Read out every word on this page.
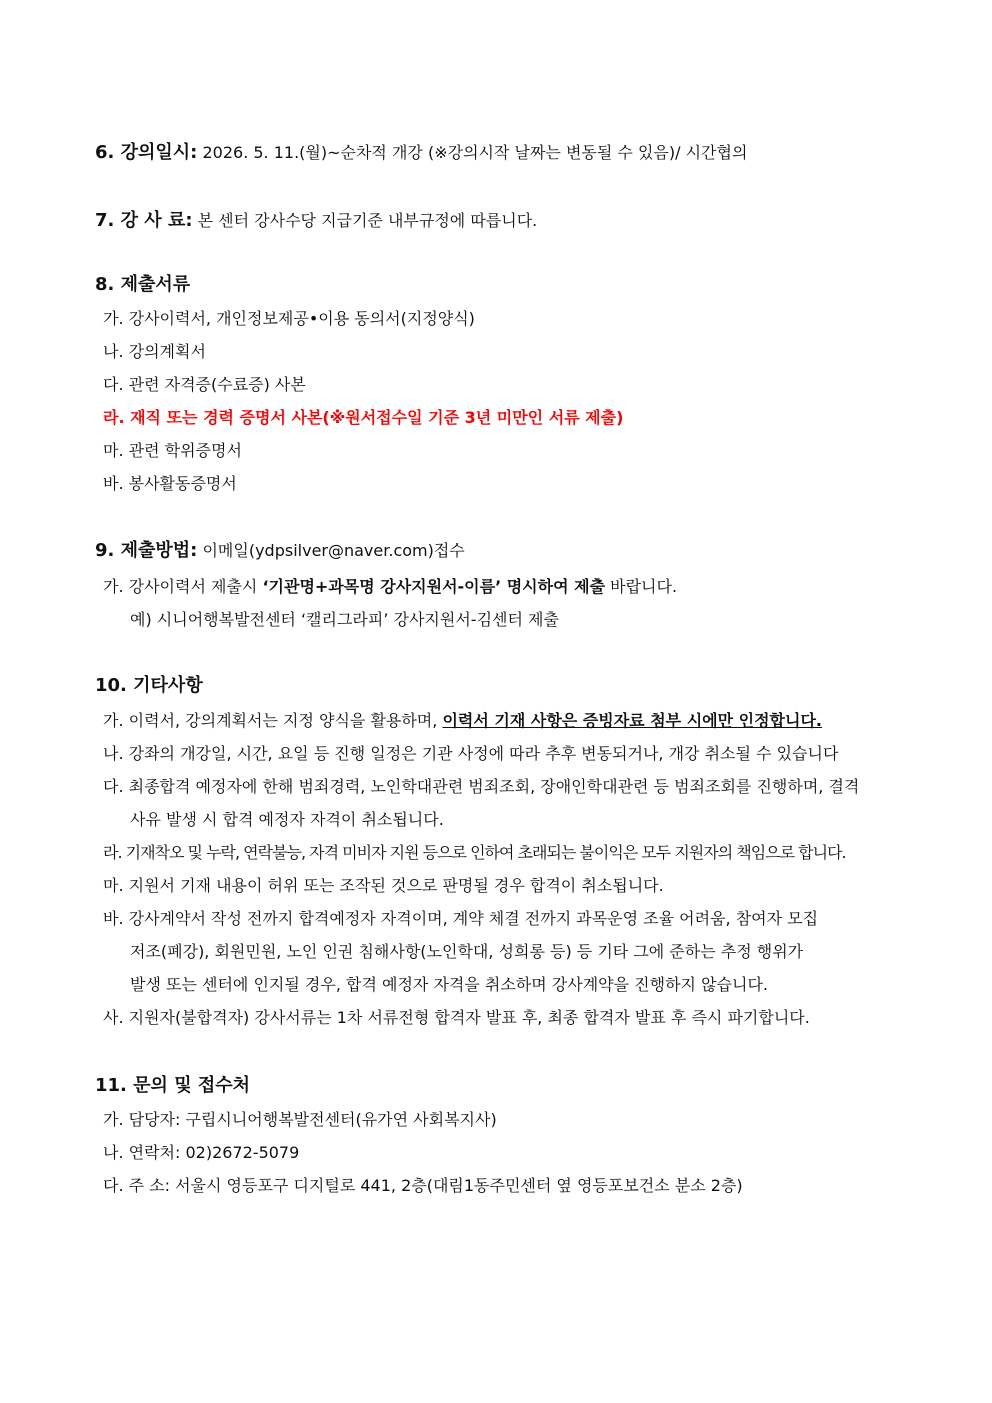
6. 강의일시: 2026. 5. 11.(월)~순차적 개강 (※강의시작 날짜는 변동될 수 있음)/ 시간협의
7. 강 사 료: 본 센터 강사수당 지급기준 내부규정에 따릅니다.
8. 제출서류
가. 강사이력서, 개인정보제공•이용 동의서(지정양식)
나. 강의계획서
다. 관련 자격증(수료증) 사본
라. 재직 또는 경력 증명서 사본(※원서접수일 기준 3년 미만인 서류 제출)
마. 관련 학위증명서
바. 봉사활동증명서
9. 제출방법: 이메일(ydpsilver@naver.com)접수
가. 강사이력서 제출시 ‘기관명+과목명 강사지원서-이름’ 명시하여 제출 바랍니다.
예) 시니어행복발전센터 ‘캘리그라피’ 강사지원서-김센터 제출
10. 기타사항
가. 이력서, 강의계획서는 지정 양식을 활용하며, 이력서 기재 사항은 증빙자료 첨부 시에만 인정합니다.
나. 강좌의 개강일, 시간, 요일 등 진행 일정은 기관 사정에 따라 추후 변동되거나, 개강 취소될 수 있습니다
다. 최종합격 예정자에 한해 범죄경력, 노인학대관련 범죄조회, 장애인학대관련 등 범죄조회를 진행하며, 결격
사유 발생 시 합격 예정자 자격이 취소됩니다.
라. 기재착오 및 누락, 연락불능, 자격 미비자 지원 등으로 인하여 초래되는 불이익은 모두 지원자의 책임으로 합니다.
마. 지원서 기재 내용이 허위 또는 조작된 것으로 판명될 경우 합격이 취소됩니다.
바. 강사계약서 작성 전까지 합격예정자 자격이며, 계약 체결 전까지 과목운영 조율 어려움, 참여자 모집
저조(폐강), 회원민원, 노인 인권 침해사항(노인학대, 성희롱 등) 등 기타 그에 준하는 추정 행위가
발생 또는 센터에 인지될 경우, 합격 예정자 자격을 취소하며 강사계약을 진행하지 않습니다.
사. 지원자(불합격자) 강사서류는 1차 서류전형 합격자 발표 후, 최종 합격자 발표 후 즉시 파기합니다.
11. 문의 및 접수처
가. 담당자: 구립시니어행복발전센터(유가연 사회복지사)
나. 연락처: 02)2672-5079
다. 주 소: 서울시 영등포구 디지털로 441, 2층(대림1동주민센터 옆 영등포보건소 분소 2층)
